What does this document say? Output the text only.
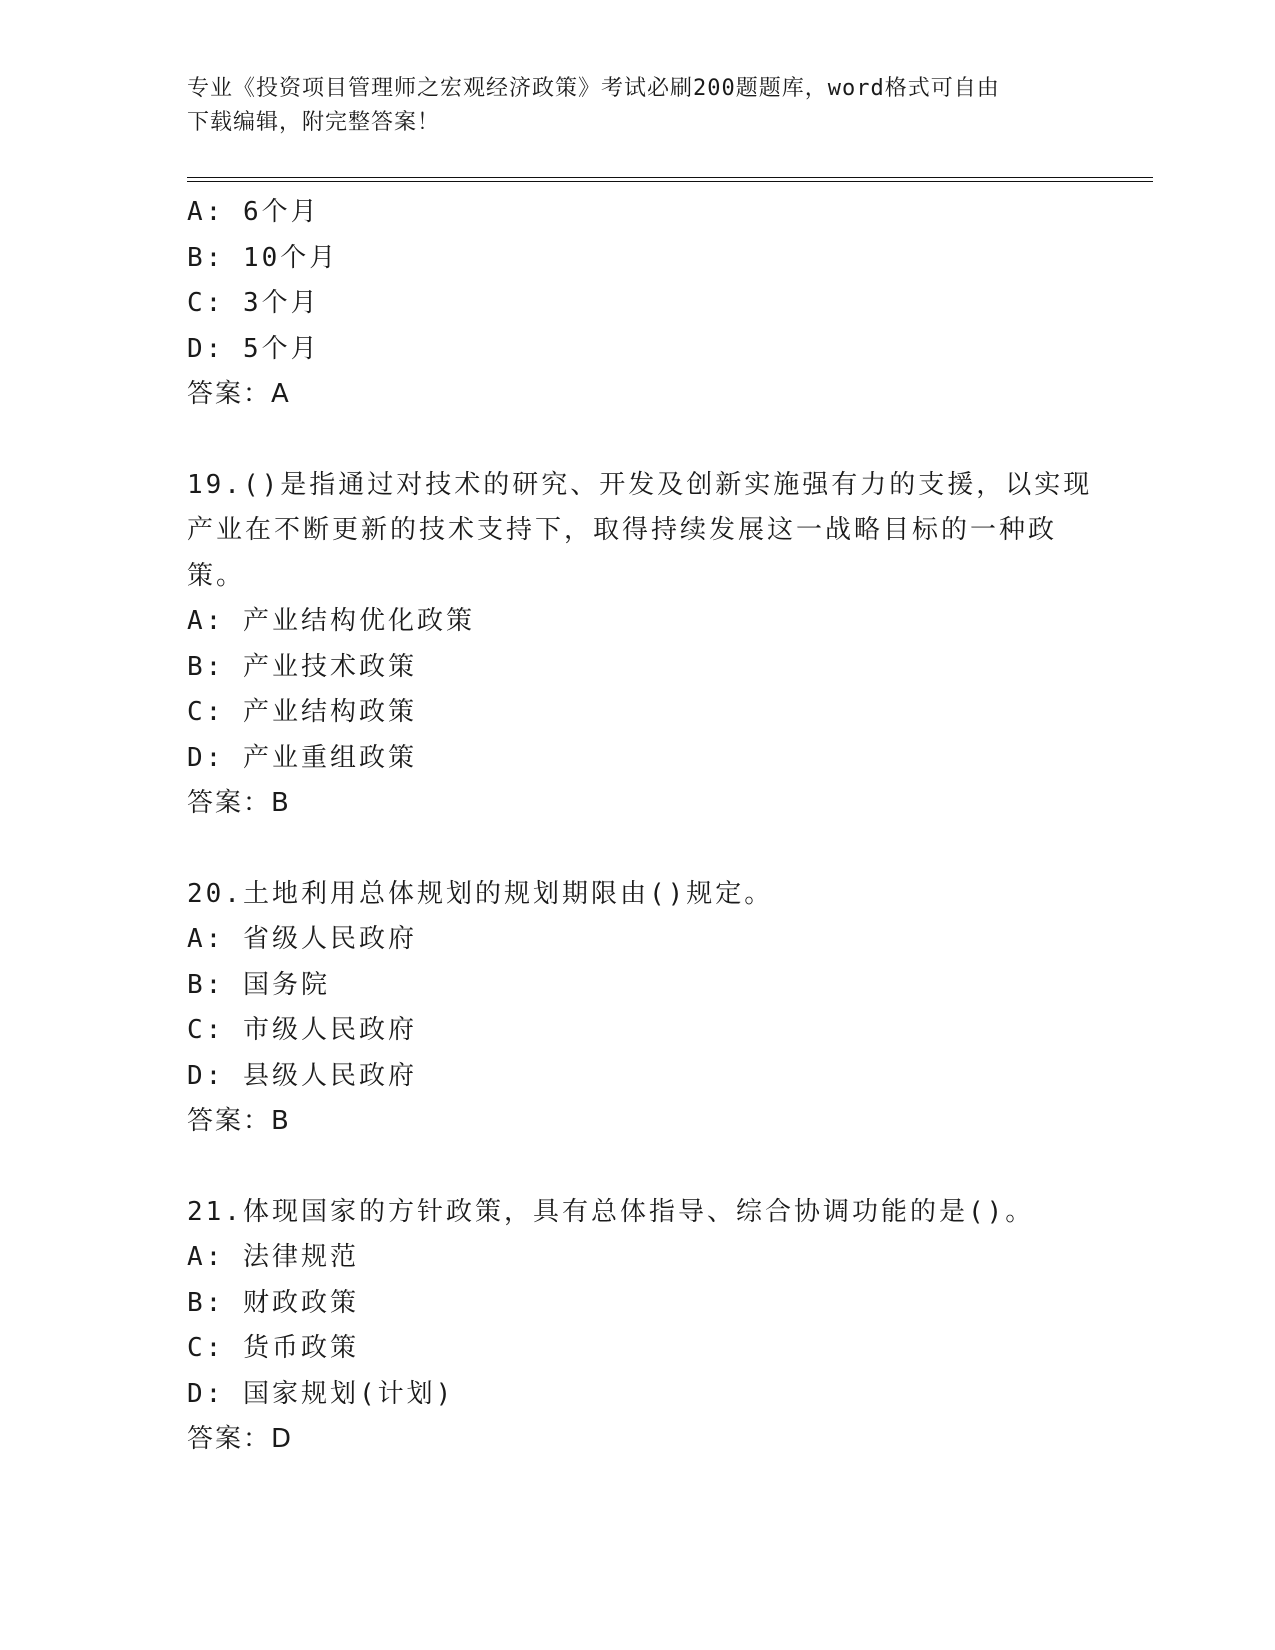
专业《投资项目管理师之宏观经济政策》考试必刷200题题库，word格式可自由
下载编辑，附完整答案！
A: 6个月
B: 10个月
C: 3个月
D: 5个月
答案：A
19.()是指通过对技术的研究、开发及创新实施强有力的支援，以实现
产业在不断更新的技术支持下，取得持续发展这一战略目标的一种政
策。
A: 产业结构优化政策
B: 产业技术政策
C: 产业结构政策
D: 产业重组政策
答案：B
20.土地利用总体规划的规划期限由()规定。
A: 省级人民政府
B: 国务院
C: 市级人民政府
D: 县级人民政府
答案：B
21.体现国家的方针政策，具有总体指导、综合协调功能的是()。
A: 法律规范
B: 财政政策
C: 货币政策
D: 国家规划(计划)
答案：D
